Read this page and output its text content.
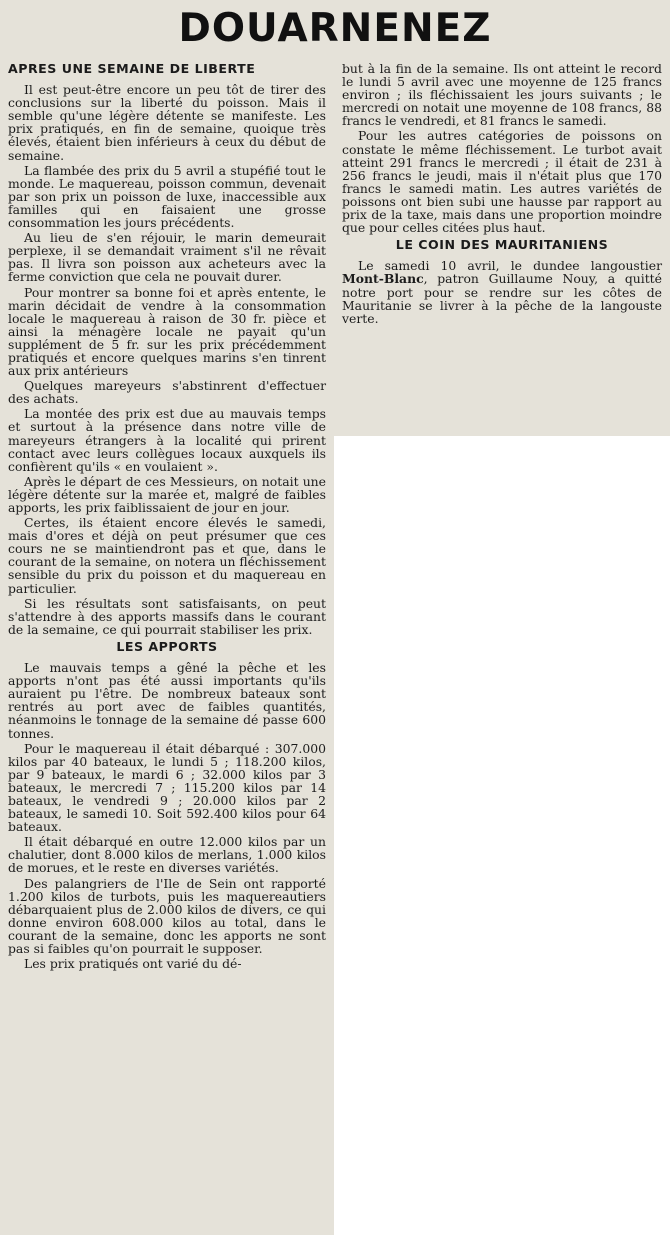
DOUARNENEZ
APRES UNE SEMAINE DE LIBERTE

Il est peut-être encore un peu tôt de tirer des conclusions sur la liberté du poisson. Mais il semble qu'une légère détente se manifeste. Les prix pratiqués, en fin de semaine, quoique très élevés, étaient bien inférieurs à ceux du début de semaine.

La flambée des prix du 5 avril a stupéfié tout le monde. Le maquereau, poisson commun, devenait par son prix un poisson de luxe, inaccessible aux familles qui en faisaient une grosse consommation les jours précédents.

Au lieu de s'en réjouir, le marin demeurait perplexe, il se demandait vraiment s'il ne rêvait pas. Il livra son poisson aux acheteurs avec la ferme conviction que cela ne pouvait durer.

Pour montrer sa bonne foi et après entente, le marin décidait de vendre à la consommation locale le maquereau à raison de 30 fr. pièce et ainsi la ménagère locale ne payait qu'un supplément de 5 fr. sur les prix précédemment pratiqués et encore quelques marins s'en tinrent aux prix antérieurs

Quelques mareyeurs s'abstinrent d'effectuer des achats.

La montée des prix est due au mauvais temps et surtout à la présence dans notre ville de mareyeurs étrangers à la localité qui prirent contact avec leurs collègues locaux auxquels ils confièrent qu'ils « en voulaient ».

Après le départ de ces Messieurs, on notait une légère détente sur la marée et, malgré de faibles apports, les prix faiblissaient de jour en jour.

Certes, ils étaient encore élevés le samedi, mais d'ores et déjà on peut présumer que ces cours ne se maintiendront pas et que, dans le courant de la semaine, on notera un fléchissement sensible du prix du poisson et du maquereau en particulier.

Si les résultats sont satisfaisants, on peut s'attendre à des apports massifs dans le courant de la semaine, ce qui pourrait stabiliser les prix.

LES APPORTS

Le mauvais temps a gêné la pêche et les apports n'ont pas été aussi importants qu'ils auraient pu l'être. De nombreux bateaux sont rentrés au port avec de faibles quantités, néanmoins le tonnage de la semaine dé passe 600 tonnes.

Pour le maquereau il était débarqué : 307.000 kilos par 40 bateaux, le lundi 5 ; 118.200 kilos, par 9 bateaux, le mardi 6 ; 32.000 kilos par 3 bateaux, le mercredi 7 ; 115.200 kilos par 14 bateaux, le vendredi 9 ; 20.000 kilos par 2 bateaux, le samedi 10. Soit 592.400 kilos pour 64 bateaux.

Il était débarqué en outre 12.000 kilos par un chalutier, dont 8.000 kilos de merlans, 1.000 kilos de morues, et le reste en diverses variétés.

Des palangriers de l'Ile de Sein ont rapporté 1.200 kilos de turbots, puis les maquereautiers débarquaient plus de 2.000 kilos de divers, ce qui donne environ 608.000 kilos au total, dans le courant de la semaine, donc les apports ne sont pas si faibles qu'on pourrait le supposer.

Les prix pratiqués ont varié du dé-

but à la fin de la semaine. Ils ont atteint le record le lundi 5 avril avec une moyenne de 125 francs environ ; ils fléchissaient les jours suivants ; le mercredi on notait une moyenne de 108 francs, 88 francs le vendredi, et 81 francs le samedi.

Pour les autres catégories de poissons on constate le même fléchissement. Le turbot avait atteint 291 francs le mercredi ; il était de 231 à 256 francs le jeudi, mais il n'était plus que 170 francs le samedi matin. Les autres variétés de poissons ont bien subi une hausse par rapport au prix de la taxe, mais dans une proportion moindre que pour celles citées plus haut.

LE COIN DES MAURITANIENS

Le samedi 10 avril, le dundee langoustier Mont-Blanc, patron Guillaume Nouy, a quitté notre port pour se rendre sur les côtes de Mauritanie se livrer à la pêche de la langouste verte.
